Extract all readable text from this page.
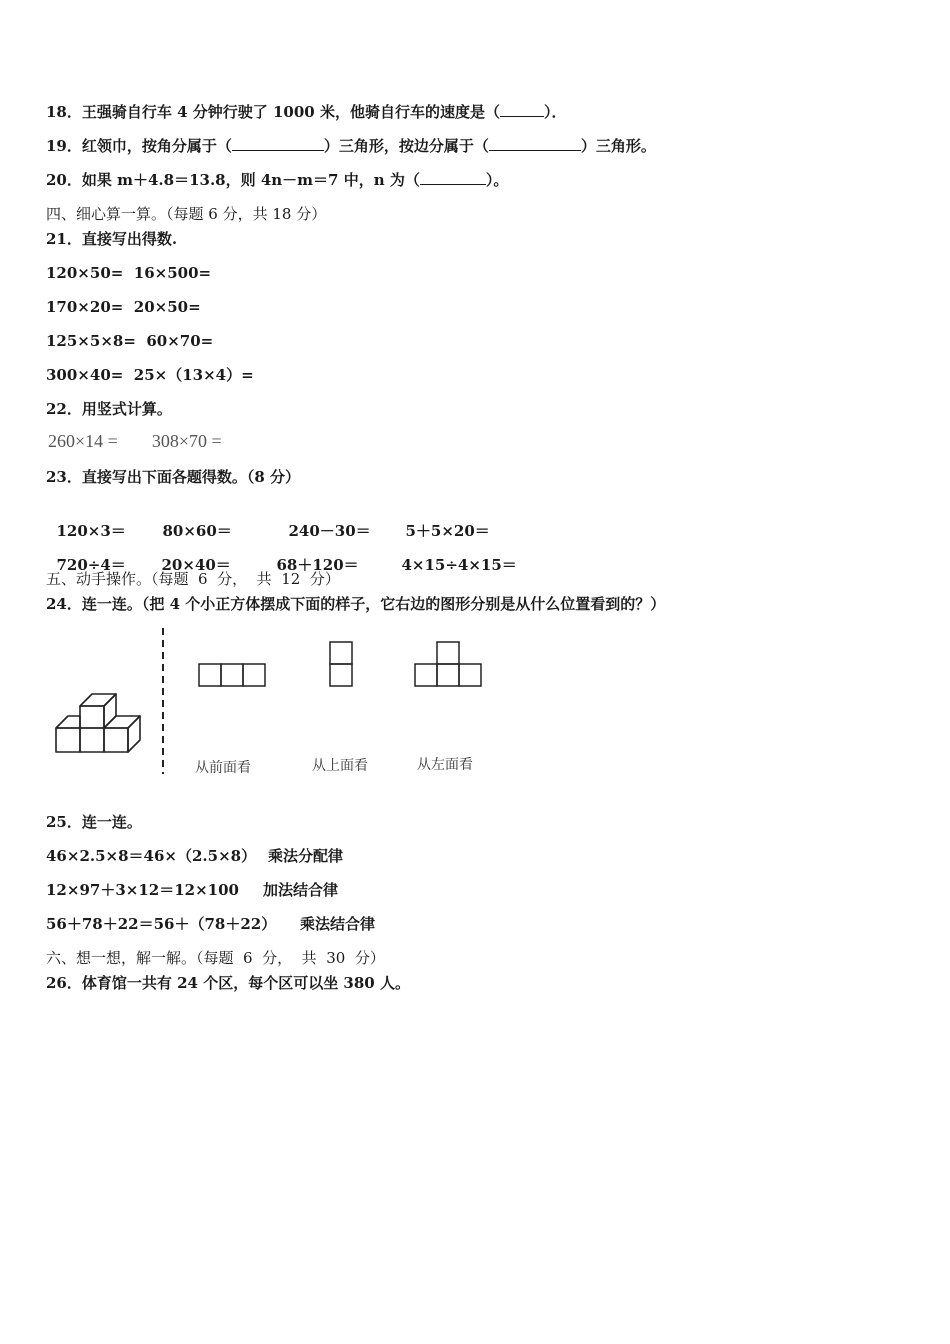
18．王强骑自行车 4 分钟行驶了 1000 米，他骑自行车的速度是（	）．
19．红领巾，按角分属于（	）三角形，按边分属于（	）三角形。
20．如果 m＋4.8＝13.8，则 4n－m＝7 中，n 为（	）。
四、细心算一算。（每题 6 分，共 18 分）
21．直接写出得数.
120×50= 16×500=
170×20= 20×50=
125×5×8= 60×70=
300×40= 25×（13×4）=
22．用竖式计算。
260×14 = 308×70 =
23．直接写出下面各题得数。（8 分）

120×3＝ 80×60＝	240－30＝ 5＋5×20＝

720÷4＝ 20×40＝	68＋120＝	4×15÷4×15＝

五、动手操作。（每题  6  分，  共  12  分）
24．连一连。（把 4 个小正方体摆成下面的样子，它右边的图形分别是从什么位置看到的？）
从前面看	从上面看	从左面看
25．连一连。
46×2.5×8＝46×（2.5×8） 乘法分配律
12×97＋3×12＝12×100 加法结合律
56＋78＋22＝56＋（78＋22） 乘法结合律
六、想一想，解一解。（每题  6  分，  共  30  分）
26．体育馆一共有 24 个区，每个区可以坐 380 人。
